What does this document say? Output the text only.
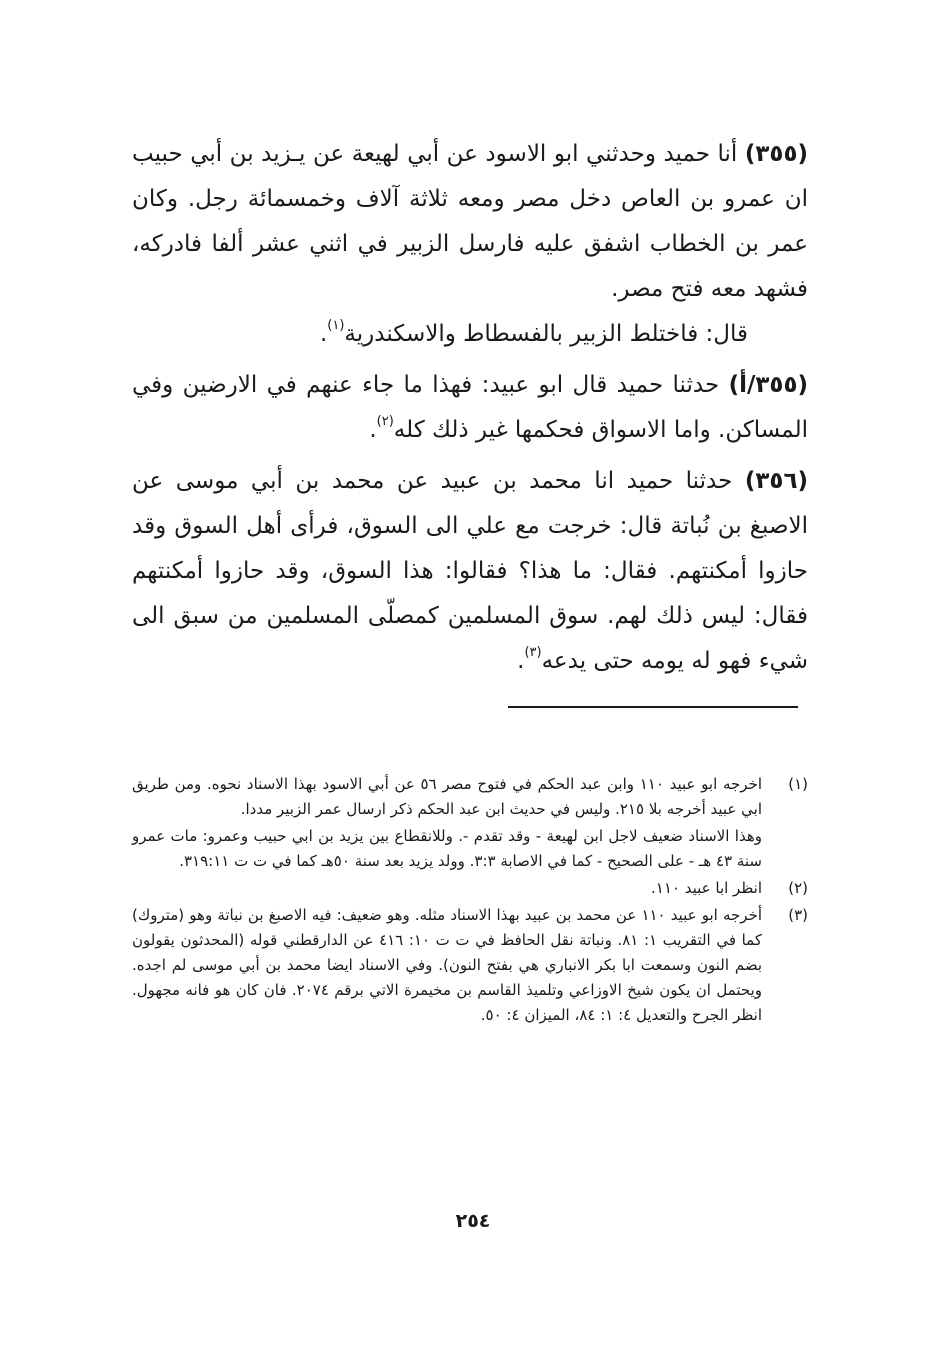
(٣٥٥) أنا حميد وحدثني ابو الاسود عن أبي لهيعة عن يـزيد بن أبي حبيب ان عمرو بن العاص دخل مصر ومعه ثلاثة آلاف وخمسمائة رجل. وكان عمر بن الخطاب اشفق عليه فارسل الزبير في اثني عشر ألفا فادركه، فشهد معه فتح مصر.

قال: فاختلط الزبير بالفسطاط والاسكندرية$^{(١)}$.

(٣٥٥/أ) حدثنا حميد قال ابو عبيد: فهذا ما جاء عنهم في الارضين وفي المساكن. واما الاسواق فحكمها غير ذلك كله$^{(٢)}$.

(٣٥٦) حدثنا حميد انا محمد بن عبيد عن محمد بن أبي موسى عن الاصبغ بن نُباتة قال: خرجت مع علي الى السوق، فرأى أهل السوق وقد حازوا أمكنتهم. فقال: ما هذا؟ فقالوا: هذا السوق، وقد حازوا أمكنتهم فقال: ليس ذلك لهم. سوق المسلمين كمصلّى المسلمين من سبق الى شيء فهو له يومه حتى يدعه$^{(٣)}$.

(١)
اخرجه ابو عبيد ١١٠ وابن عبد الحكم في فتوح مصر ٥٦ عن أبي الاسود بهذا الاسناد نحوه. ومن طريق ابي عبيد أخرجه بلا ٢١٥. وليس في حديث ابن عبد الحكم ذكر ارسال عمر الزبير مددا.
وهذا الاسناد ضعيف لاجل ابن لهيعة - وقد تقدم -. وللانقطاع بين يزيد بن ابي حبيب وعمرو: مات عمرو سنة ٤٣ هـ - على الصحيح - كما في الاصابة ٣:٣. وولد يزيد بعد سنة ٥٠هـ كما في ت ت ٣١٩:١١.
(٢)
انظر ابا عبيد ١١٠.
(٣)
أخرجه ابو عبيد ١١٠ عن محمد بن عبيد بهذا الاسناد مثله. وهو ضعيف: فيه الاصبغ بن نباتة وهو (متروك) كما في التقريب ١: ٨١. ونباتة نقل الحافظ في ت ت ١٠: ٤١٦ عن الدارقطني قوله (المحدثون يقولون بضم النون وسمعت ابا بكر الانباري هي بفتح النون). وفي الاسناد ايضا محمد بن أبي موسى لم اجده. ويحتمل ان يكون شيخ الاوزاعي وتلميذ القاسم بن مخيمرة الاتي برقم ٢٠٧٤. فان كان هو فانه مجهول. انظر الجرح والتعديل ٤: ١: ٨٤، الميزان ٤: ٥٠.
٢٥٤
